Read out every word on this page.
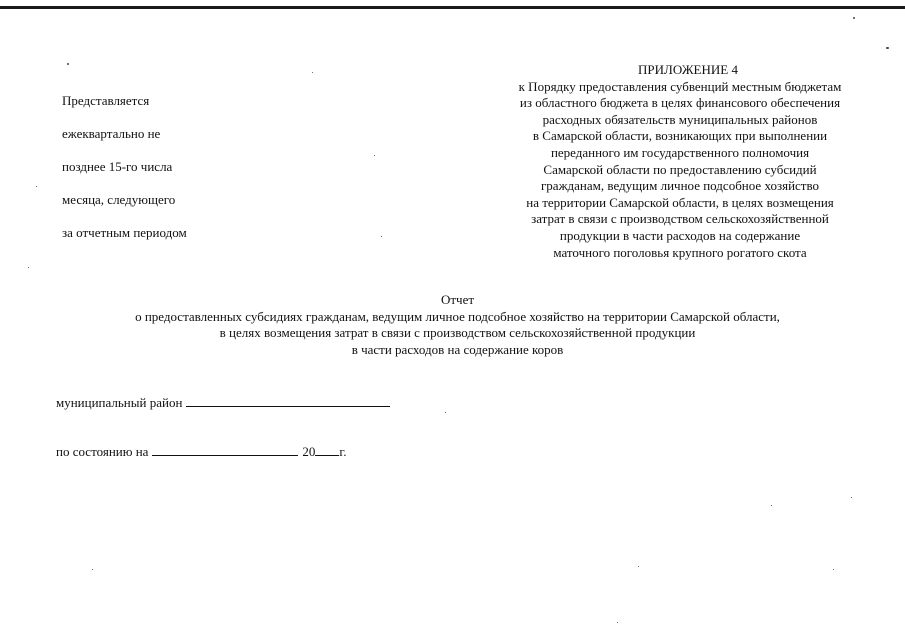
Представляется

ежеквартально не

позднее 15-го числа

месяца, следующего

за отчетным периодом

ПРИЛОЖЕНИЕ 4
к Порядку предоставления субвенций местным бюджетам
из областного бюджета в целях финансового обеспечения
расходных обязательств муниципальных районов
в Самарской области, возникающих при выполнении
переданного им государственного полномочия
Самарской области по предоставлению субсидий
гражданам, ведущим личное подсобное хозяйство
на территории Самарской области, в целях возмещения
затрат в связи с производством сельскохозяйственной
продукции в части расходов на содержание
маточного поголовья крупного рогатого скота
Отчет
о предоставленных субсидиях гражданам, ведущим личное подсобное хозяйство на территории Самарской области,
в целях возмещения затрат в связи с производством сельскохозяйственной продукции
в части расходов на содержание коров
муниципальный район
по состоянию на	20 г.
